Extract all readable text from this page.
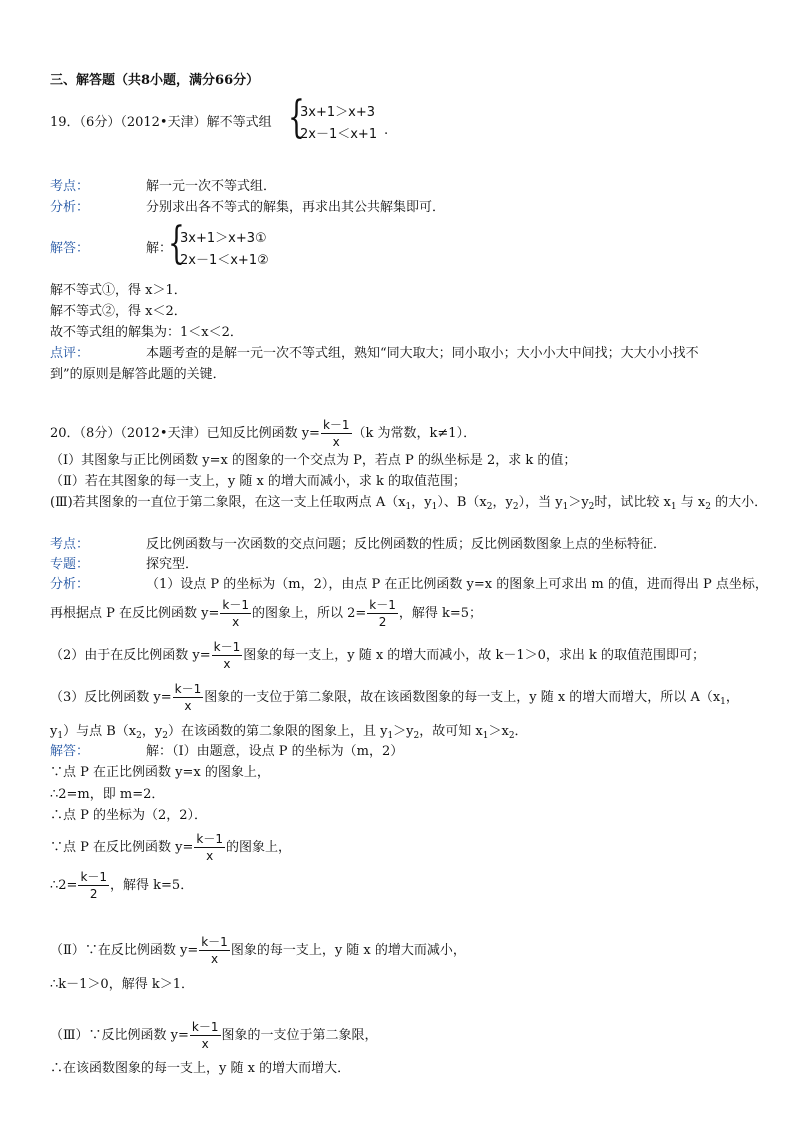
三、解答题（共8小题，满分66分）
19．（6分）（2012•天津）解不等式组 {
3x+1＞x+3
2x－1＜x+1 .
考点：	解一元一次不等式组．
分析：	分别求出各不等式的解集，再求出其公共解集即可．
解答：	解：
{
3x+1＞x+3①
2x－1＜x+1②
解不等式①，得 x＞1．
解不等式②，得 x＜2．
故不等式组的解集为：1＜x＜2．
点评：	本题考查的是解一元一次不等式组，熟知“同大取大；同小取小；大小小大中间找；大大小小找不
到”的原则是解答此题的关键．
20．（8分）（2012•天津）已知反比例函数 $y= \frac{k-1}{x} (k$ 为常数，k≠1）．
（Ⅰ）其图象与正比例函数 y=x 的图象的一个交点为 P，若点 P 的纵坐标是 2，求 k 的值；
（Ⅱ）若在其图象的每一支上，y 随 x 的增大而减小，求 k 的取值范围；
(Ⅲ)若其图象的一直位于第二象限，在这一支上任取两点 $A(x_1$，$y_1$）、$B(x_2$，$y_2$），当 $y_1>y_2$时，试比较 $x_1$ 与 $x_2$ 的大小．
考点：	反比例函数与一次函数的交点问题；反比例函数的性质；反比例函数图象上点的坐标特征．
专题：	探究型．
分析：	（1）设点 P 的坐标为（m，2），由点 P 在正比例函数 y=x 的图象上可求出 m 的值，进而得出 P 点坐标，
再根据点 P 在反比例函数 $y= \frac{k-1}{x}$ 的图象上，所以 $2= \frac{k-1}{2}$ ，解得 k=5；
（2）由于在反比例函数 $y= \frac{k-1}{x}$ 图象的每一支上，y 随 x 的增大而减小，故 k－1＞0，求出 k 的取值范围即可；
（3）反比例函数 $y= \frac{k-1}{x}$ 图象的一支位于第二象限，故在该函数图象的每一支上，y 随 x 的增大而增大，所以 $A(x_1$，
$y_1$）与点 $B(x_2$，$y_2$）在该函数的第二象限的图象上，且 $y_1>y_2$，故可知 $x_1>x_2$．
解答：	解：（Ⅰ）由题意，设点 P 的坐标为（m，2）
∵点 P 在正比例函数 y=x 的图象上，
∴2=m，即 m=2．
∴点 P 的坐标为（2，2）．
∵点 P 在反比例函数 $y= \frac{k-1}{x}$ 的图象上，
∴2= $\frac{k-1}{2}$ ，解得 k=5．
（Ⅱ）∵在反比例函数 $y= \frac{k-1}{x}$ 图象的每一支上，y 随 x 的增大而减小，
∴k－1＞0，解得 k＞1．
（Ⅲ）∵反比例函数 $y= \frac{k-1}{x}$ 图象的一支位于第二象限，
∴在该函数图象的每一支上，y 随 x 的增大而增大．
